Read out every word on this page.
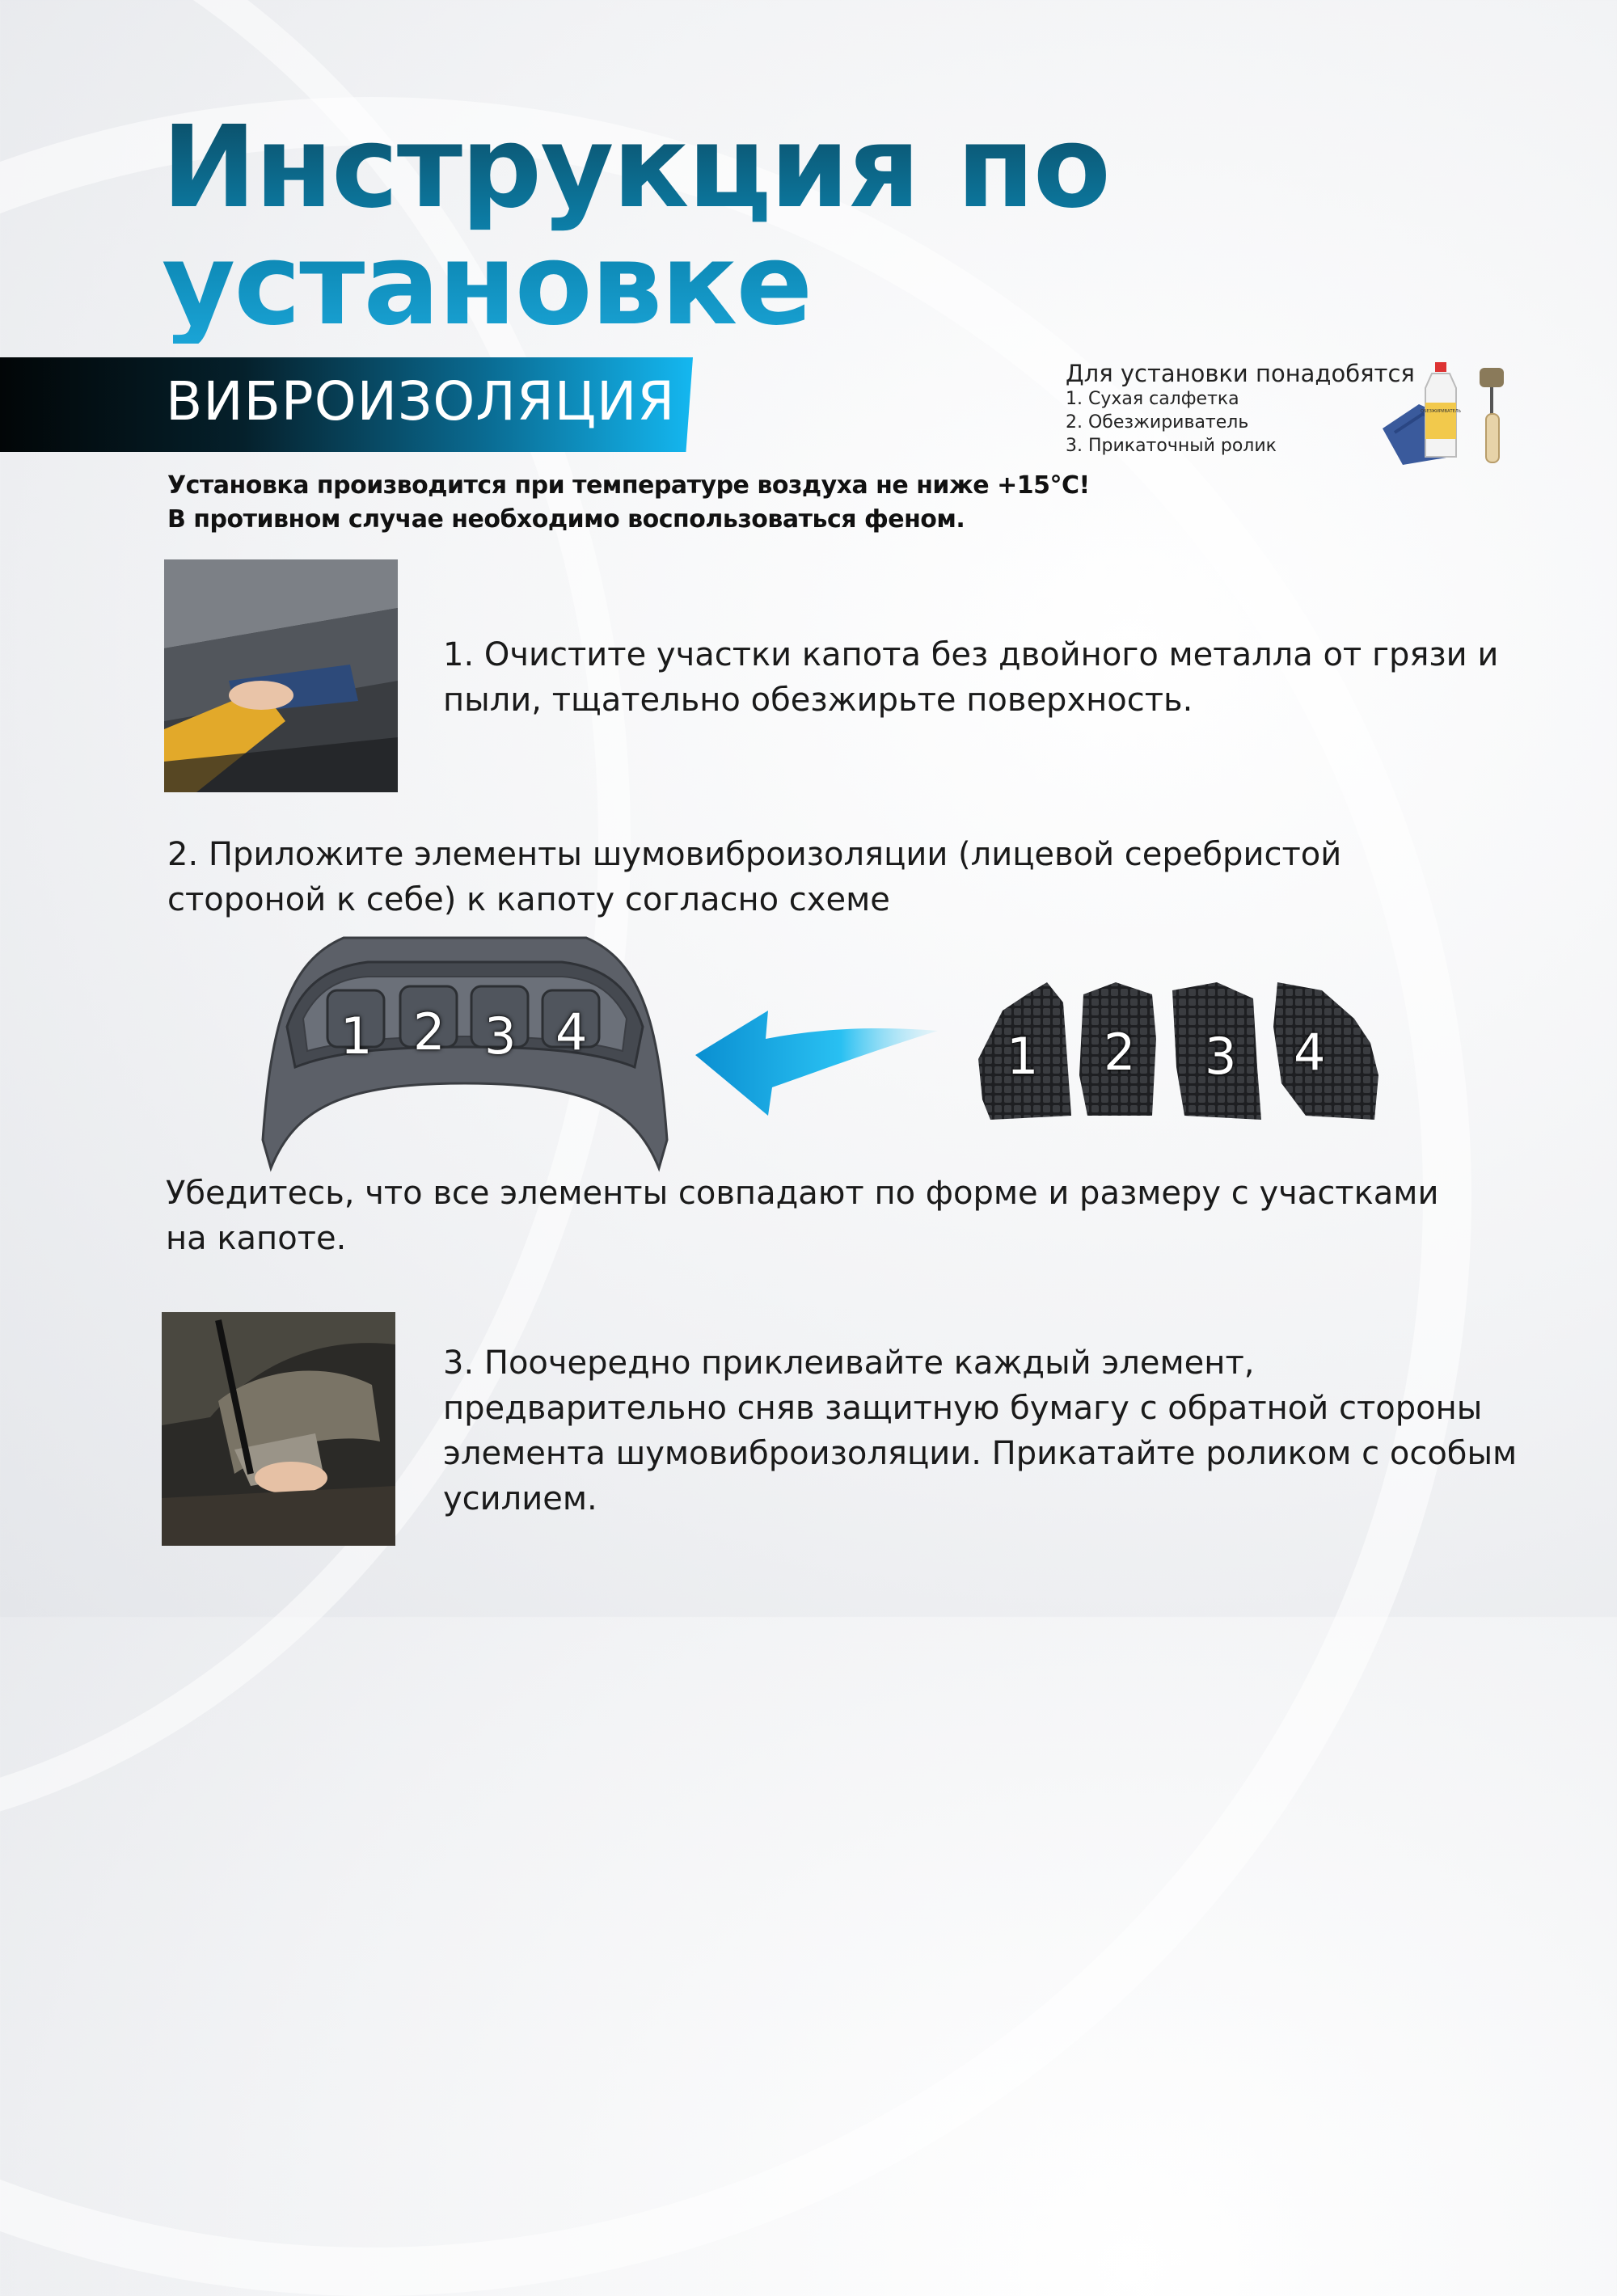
Инструкция по
установке
ВИБРОИЗОЛЯЦИЯ	Для установки понадобятся
1. Сухая салфетка
2. Обезжириватель
3. Прикаточный ролик
ОБЕЗЖИРИВАТЕЛЬ
Установка производится при температуре воздуха не ниже +15°С!
В противном случае необходимо воспользоваться феном.
1. Очистите участки капота без двойного металла от грязи и пыли, тщательно обезжирьте поверхность.
2. Приложите элементы шумовиброизоляции (лицевой серебристой стороной к себе) к капоту согласно схеме
1 2 3 4	1 2 3 4
Убедитесь, что все элементы совпадают по форме и размеру с участками на капоте.
3. Поочередно приклеивайте каждый элемент, предварительно сняв защитную бумагу с обратной стороны элемента шумовиброизоляции. Прикатайте роликом с особым усилием.
